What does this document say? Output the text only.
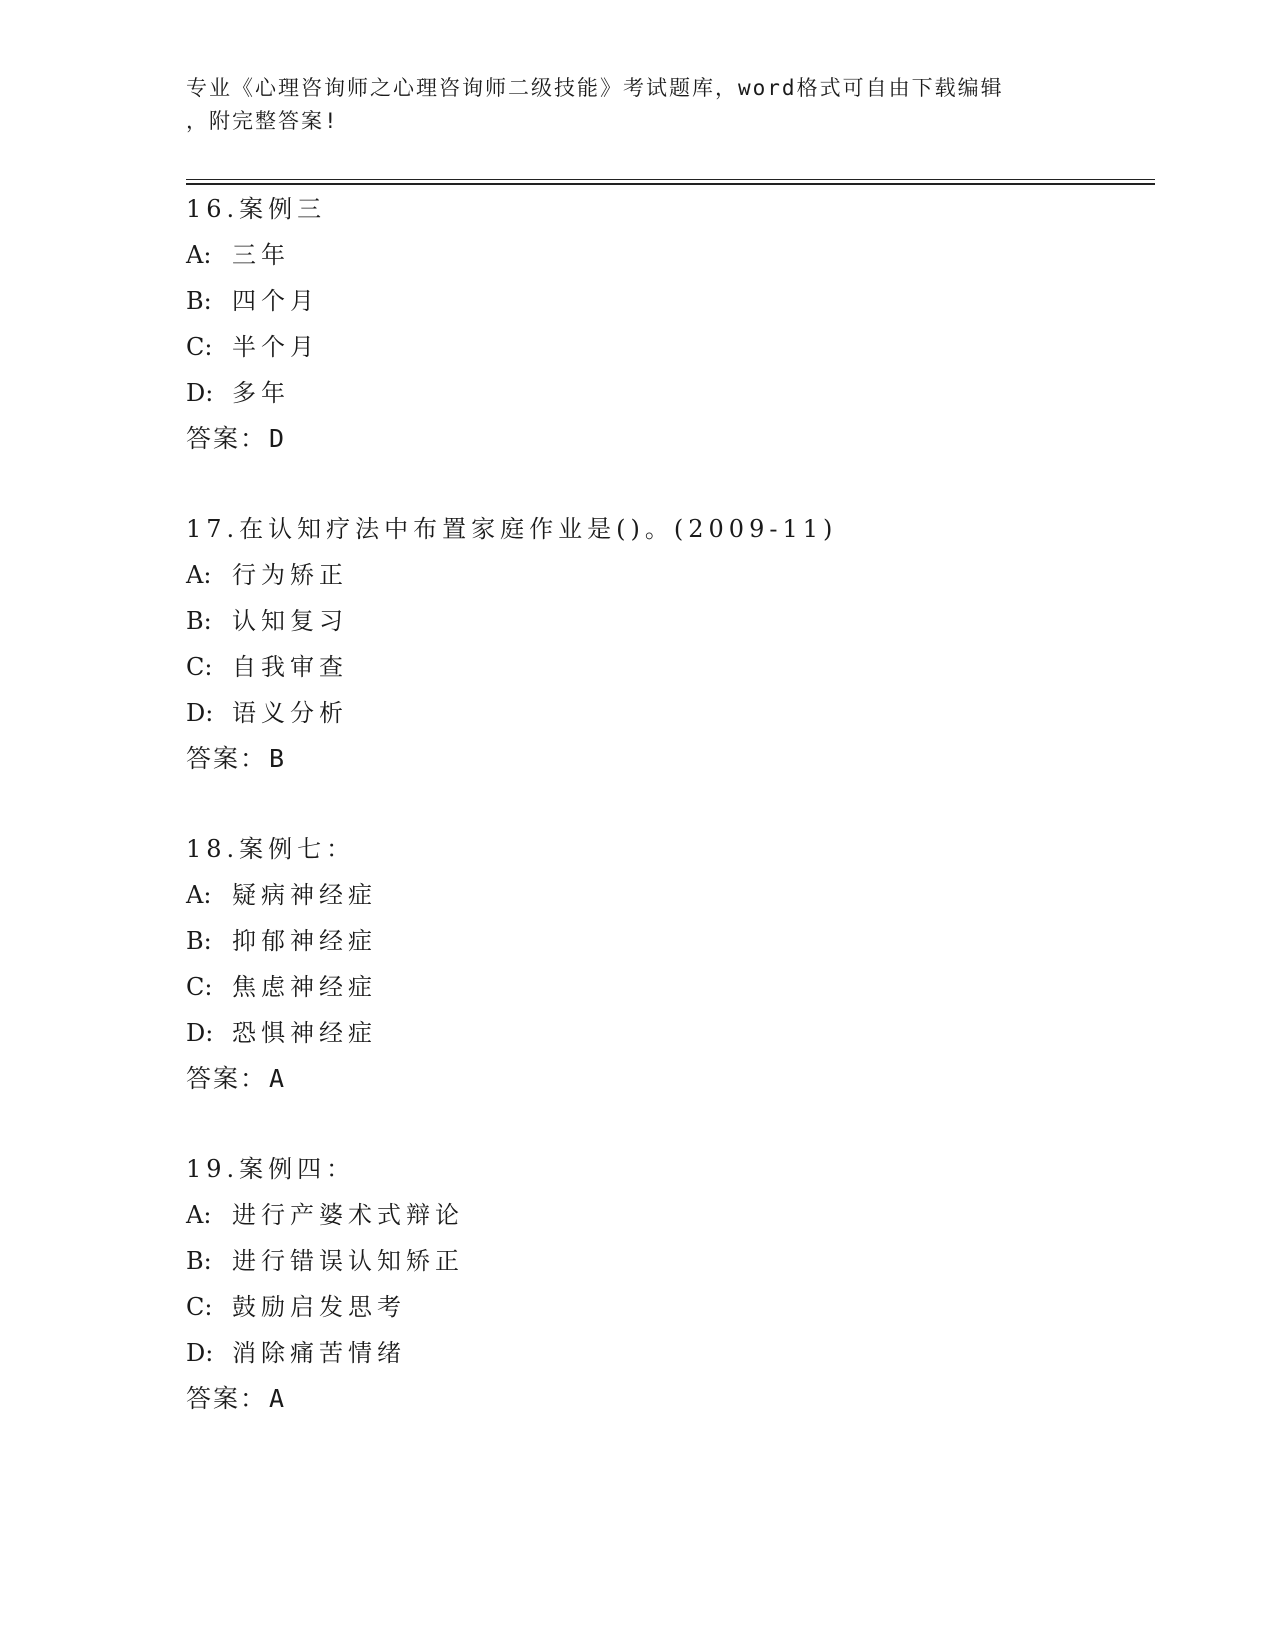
专业《心理咨询师之心理咨询师二级技能》考试题库，word格式可自由下载编辑
，附完整答案!
16.案例三
A: 三年
B: 四个月
C: 半个月
D: 多年
答案：D
17.在认知疗法中布置家庭作业是()。(2009-11)
A: 行为矫正
B: 认知复习
C: 自我审查
D: 语义分析
答案：B
18.案例七：
A: 疑病神经症
B: 抑郁神经症
C: 焦虑神经症
D: 恐惧神经症
答案：A
19.案例四：
A: 进行产婆术式辩论
B: 进行错误认知矫正
C: 鼓励启发思考
D: 消除痛苦情绪
答案：A
